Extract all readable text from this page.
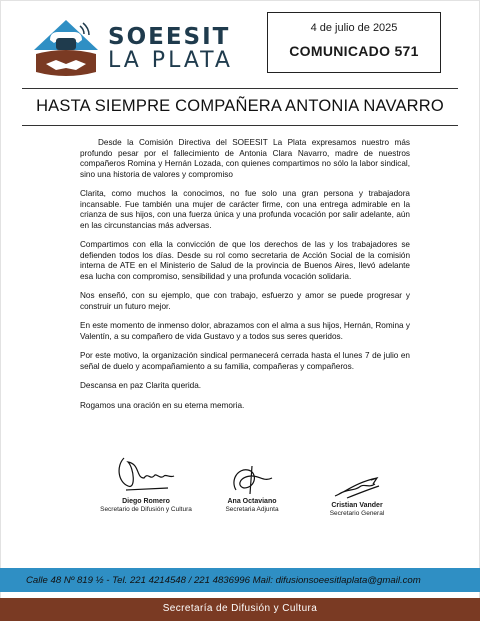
SOEESIT
LA PLATA
4 de julio de 2025
COMUNICADO 571
HASTA SIEMPRE COMPAÑERA ANTONIA NAVARRO

Desde la Comisión Directiva del SOEESIT La Plata expresamos nuestro más profundo pesar por el fallecimiento de Antonia Clara Navarro, madre de nuestros compañeros Romina y Hernán Lozada, con quienes compartimos no sólo la labor sindical, sino una historia de valores y compromiso

Clarita, como muchos la conocimos, no fue solo una gran persona y trabajadora incansable. Fue también una mujer de carácter firme, con una entrega admirable en la crianza de sus hijos, con una fuerza única y una profunda vocación por salir adelante, aún en las circunstancias más adversas.

Compartimos con ella la convicción de que los derechos de las y los trabajadores se defienden todos los días. Desde su rol como secretaria de Acción Social de la comisión interna de ATE en el Ministerio de Salud de la provincia de Buenos Aires, llevó adelante esa lucha con compromiso, sensibilidad y una profunda vocación solidaria.

Nos enseñó, con su ejemplo, que con trabajo, esfuerzo y amor se puede progresar y construir un futuro mejor.

En este momento de inmenso dolor, abrazamos con el alma a sus hijos, Hernán, Romina y Valentín, a su compañero de vida Gustavo y a todos sus seres queridos.

Por este motivo, la organización sindical permanecerá cerrada hasta el lunes 7 de julio en señal de duelo y acompañamiento a su familia, compañeras y compañeros.

Descansa en paz Clarita querida.

Rogamos una oración en su eterna memoria.

Diego Romero
Secretario de Difusión y Cultura
Ana Octaviano
Secretaria Adjunta
Cristian Vander
Secretario General
Calle 48 Nº 819 ½ - Tel. 221 4214548 / 221 4836996 Mail: difusionsoeesitlaplata@gmail.com
Secretaría de Difusión y Cultura
